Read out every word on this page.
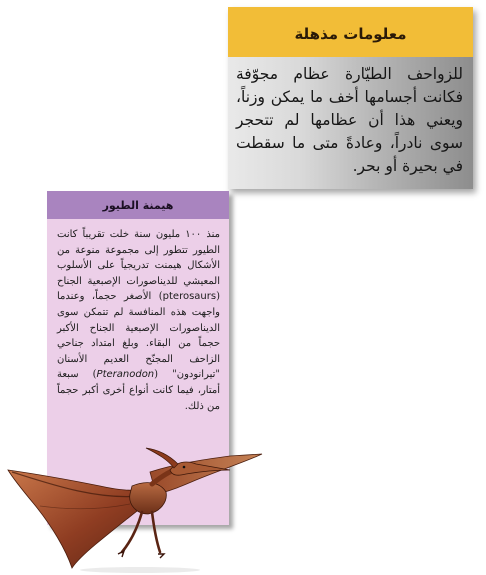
معلومات مذهلة
للزواحف الطيّارة عظام مجوّفة فكانت أجسامها أخف ما يمكن وزناً، ويعني هذا أن عظامها لم تتحجر سوى نادراً، وعادةً متى ما سقطت في بحيرة أو بحر.
هيمنة الطيور
منذ ١٠٠ مليون سنة خلت تقريباً كانت الطيور تتطور إلى مجموعة منوعة من الأشكال هيمنت تدريجياً على الأسلوب المعيشي للديناصورات الإصبعية الجناح (pterosaurs) الأصغر حجماً، وعندما واجهت هذه المنافسة لم تتمكن سوى الديناصورات الإصبعية الجناح الأكبر حجماً من البقاء. وبلغ امتداد جناحي الزاحف المجنّح العديم الأسنان "تيرانودون" (Pteranodon) سبعة أمتار، فيما كانت أنواع أخرى أكبر حجماً من ذلك.
